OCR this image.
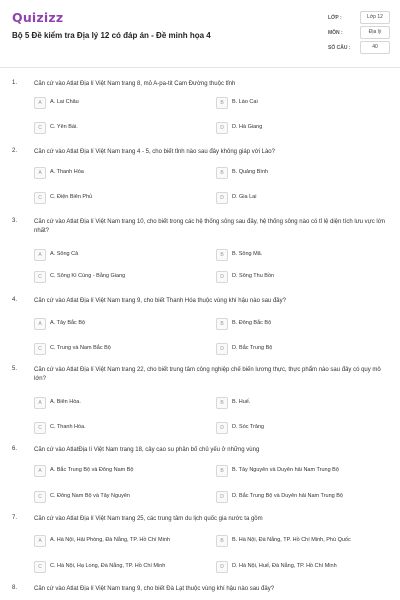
Quizizz
Bộ 5 Đề kiểm tra Địa lý 12 có đáp án - Đề minh họa 4
LỚP :	Lớp 12
MÔN :	Địa lý
SỐ CÂU :	40
1.	Căn cứ vào Atlat Địa lí Việt Nam trang 8, mỏ A-pa-tit Cam Đường thuộc tỉnh
A	A. Lai Châu	B	B. Lào Cai
C	C. Yên Bái.	D	D. Hà Giang
2.	Căn cứ vào Atlat Địa lí Việt Nam trang 4 - 5, cho biết tỉnh nào sau đây không giáp với Lào?
A	A. Thanh Hóa	B	B. Quảng Bình
C	C. Điện Biên Phủ	D	D. Gia Lai
3.	Căn cứ vào Atlat Địa lí Việt Nam trang 10, cho biết trong các hệ thống sông sau đây, hệ thống sông nào có tỉ lệ diện tích lưu vực lớn nhất?
A	A. Sông Cả	B	B. Sông Mã.
C	C. Sông Kì Cùng - Bằng Giang	D	D. Sông Thu Bồn
4.	Căn cứ vào Atlat Địa lí Việt Nam trang 9, cho biết Thanh Hóa thuộc vùng khí hậu nào sau đây?
A	A. Tây Bắc Bộ	B	B. Đông Bắc Bộ
C	C. Trung và Nam Bắc Bộ	D	D. Bắc Trung Bộ
5.	Căn cứ vào Atlat Địa lí Việt Nam trang 22, cho biết trung tâm công nghiệp chế biến lương thực, thực phẩm nào sau đây có quy mô lớn?
A	A. Biên Hòa.	B	B. Huế.
C	C. Thanh Hóa.	D	D. Sóc Trăng
6.	Căn cứ vào AtlatĐịa lí Việt Nam trang 18, cây cao su phân bố chủ yếu ở những vùng
A	A. Bắc Trung Bộ và Đông Nam Bộ	B	B. Tây Nguyên và Duyên hải Nam Trung Bộ
C	C. Đông Nam Bộ và Tây Nguyên	D	D. Bắc Trung Bộ và Duyên hải Nam Trung Bộ
7.	Căn cứ vào Atlat Địa lí Việt Nam trang 25, các trung tâm du lịch quốc gia nước ta gồm
A	A. Hà Nội, Hải Phòng, Đà Nẵng, TP. Hồ Chí Minh	B	B. Hà Nội, Đà Nẵng, TP. Hồ Chí Minh, Phú Quốc
C	C. Hà Nội, Hạ Long, Đà Nẵng, TP. Hồ Chí Minh	D	D. Hà Nội, Huế, Đà Nẵng, TP. Hồ Chí Minh
8.	Căn cứ vào Atlat Địa lí Việt Nam trang 9, cho biết Đà Lạt thuộc vùng khí hậu nào sau đây?
